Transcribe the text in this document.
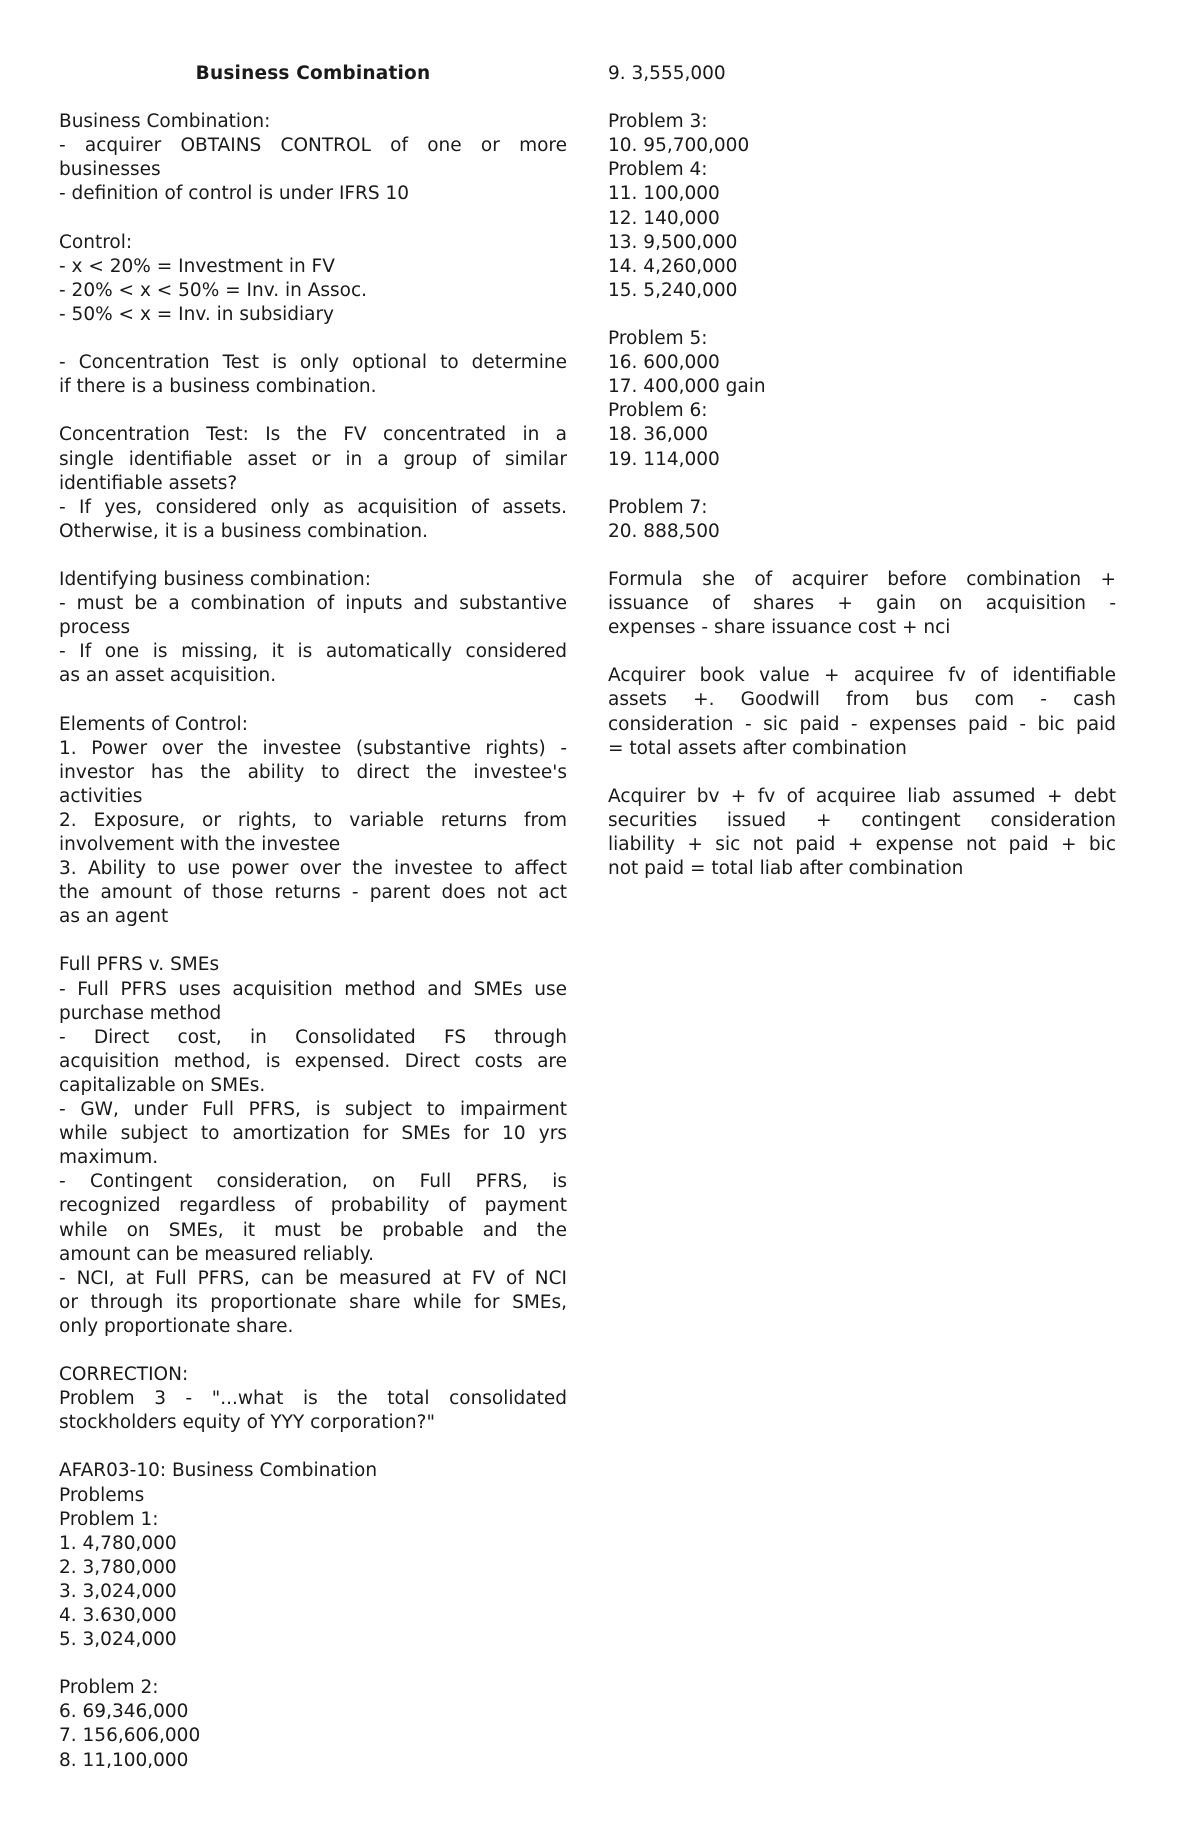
Business Combination
Business Combination:
- acquirer OBTAINS CONTROL of one or more
businesses
- definition of control is under IFRS 10
Control:
- x < 20% = Investment in FV
- 20% < x < 50% = Inv. in Assoc.
- 50% < x = Inv. in subsidiary
- Concentration Test is only optional to determine
if there is a business combination.
Concentration Test: Is the FV concentrated in a
single identifiable asset or in a group of similar
identifiable assets?
- If yes, considered only as acquisition of assets.
Otherwise, it is a business combination.
Identifying business combination:
- must be a combination of inputs and substantive
process
- If one is missing, it is automatically considered
as an asset acquisition.
Elements of Control:
1. Power over the investee (substantive rights) -
investor has the ability to direct the investee's
activities
2. Exposure, or rights, to variable returns from
involvement with the investee
3. Ability to use power over the investee to affect
the amount of those returns - parent does not act
as an agent
Full PFRS v. SMEs
- Full PFRS uses acquisition method and SMEs use
purchase method
- Direct cost, in Consolidated FS through
acquisition method, is expensed. Direct costs are
capitalizable on SMEs.
- GW, under Full PFRS, is subject to impairment
while subject to amortization for SMEs for 10 yrs
maximum.
- Contingent consideration, on Full PFRS, is
recognized regardless of probability of payment
while on SMEs, it must be probable and the
amount can be measured reliably.
- NCI, at Full PFRS, can be measured at FV of NCI
or through its proportionate share while for SMEs,
only proportionate share.
CORRECTION:
Problem 3 - "...what is the total consolidated
stockholders equity of YYY corporation?"
AFAR03-10: Business Combination
Problems
Problem 1:
1. 4,780,000
2. 3,780,000
3. 3,024,000
4. 3.630,000
5. 3,024,000
Problem 2:
6. 69,346,000
7. 156,606,000
8. 11,100,000
9. 3,555,000
Problem 3:
10. 95,700,000
Problem 4:
11. 100,000
12. 140,000
13. 9,500,000
14. 4,260,000
15. 5,240,000
Problem 5:
16. 600,000
17. 400,000 gain
Problem 6:
18. 36,000
19. 114,000
Problem 7:
20. 888,500
Formula she of acquirer before combination +
issuance of shares + gain on acquisition -
expenses - share issuance cost + nci
Acquirer book value + acquiree fv of identifiable
assets +. Goodwill from bus com - cash
consideration - sic paid - expenses paid - bic paid
= total assets after combination
Acquirer bv + fv of acquiree liab assumed + debt
securities issued + contingent consideration
liability + sic not paid + expense not paid + bic
not paid = total liab after combination
